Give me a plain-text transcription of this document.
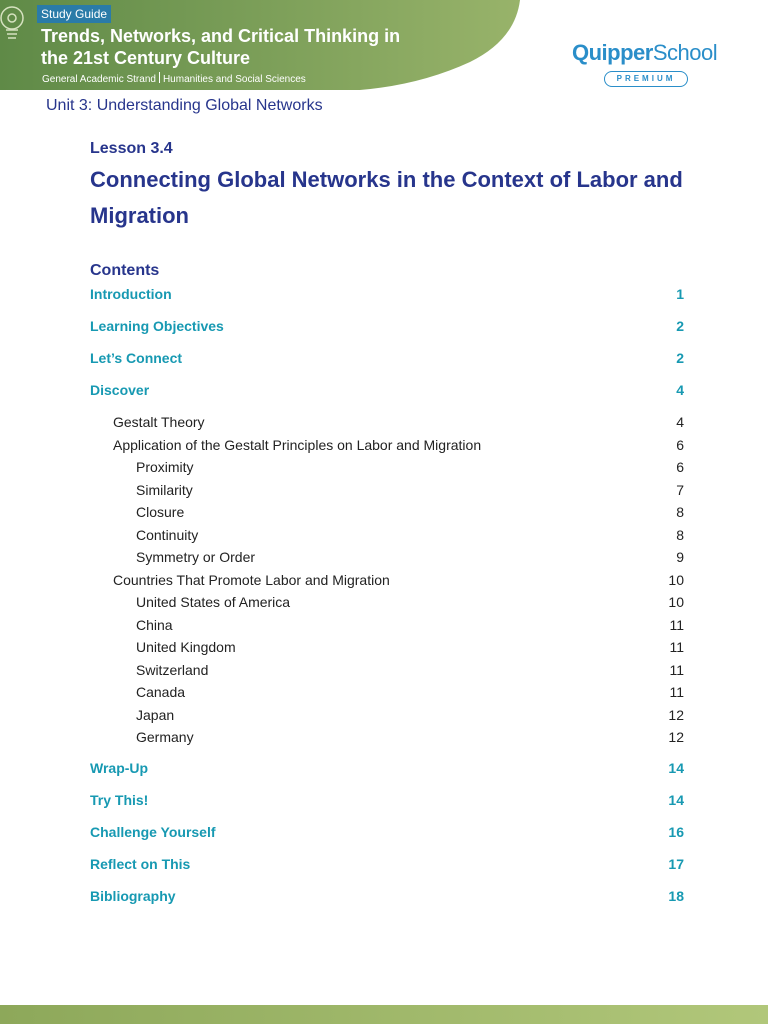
Study Guide
Trends, Networks, and Critical Thinking in the 21st Century Culture
General Academic Strand Humanities and Social Sciences
QuipperSchool
PREMIUM
Unit 3: Understanding Global Networks
Lesson 3.4
Connecting Global Networks in the Context of Labor and Migration
Contents
Introduction	1
Learning Objectives	2
Let’s Connect	2
Discover	4
Gestalt Theory	4
Application of the Gestalt Principles on Labor and Migration	6
Proximity	6
Similarity	7
Closure	8
Continuity	8
Symmetry or Order	9
Countries That Promote Labor and Migration	10
United States of America	10
China	11
United Kingdom	11
Switzerland	11
Canada	11
Japan	12
Germany	12
Wrap-Up	14
Try This!	14
Challenge Yourself	16
Reflect on This	17
Bibliography	18
